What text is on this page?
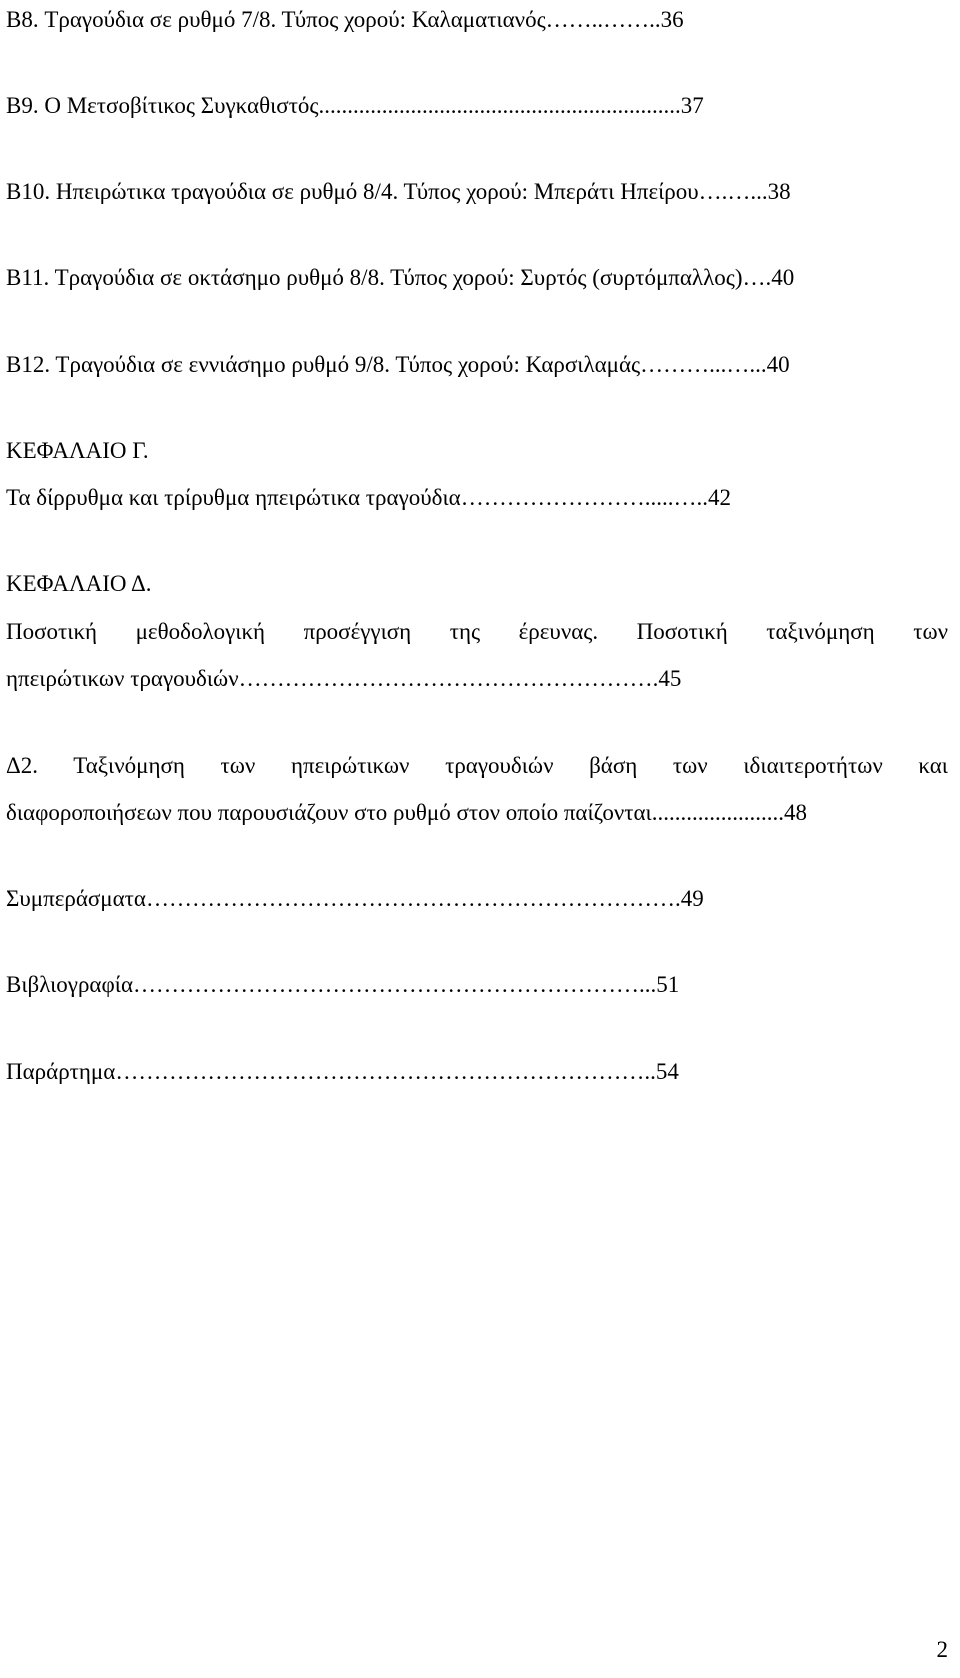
B8. Τραγούδια σε ρυθμό 7/8. Τύπος χορού: Καλαματιανός……..……..36
Β9. Ο Μετσοβίτικος Συγκαθιστός...............................................................37
Β10. Ηπειρώτικα τραγούδια σε ρυθμό 8/4. Τύπος χορού: Μπεράτι Ηπείρου….…...38
Β11. Τραγούδια σε οκτάσημο ρυθμό 8/8. Τύπος χορού: Συρτός (συρτόμπαλλος)….40
Β12. Τραγούδια σε εννιάσημο ρυθμό 9/8. Τύπος χορού: Καρσιλαμάς………...…...40
ΚΕΦΑΛΑΙΟ Γ.
Τα δίρρυθμα και τρίρυθμα ηπειρώτικα τραγούδια…………………….....…..42
ΚΕΦΑΛΑΙΟ Δ.
Ποσοτική μεθοδολογική προσέγγιση της έρευνας. Ποσοτική ταξινόμηση των
ηπειρώτικων τραγουδιών……………………………………………….45
Δ2. Ταξινόμηση των ηπειρώτικων τραγουδιών βάση των ιδιαιτεροτήτων και
διαφοροποιήσεων που παρουσιάζουν στο ρυθμό στον οποίο παίζονται.......................48
Συμπεράσματα…………………………………………………………….49
Βιβλιογραφία…………………………………………………………...51
Παράρτημα……………………………………………………………..54
2
